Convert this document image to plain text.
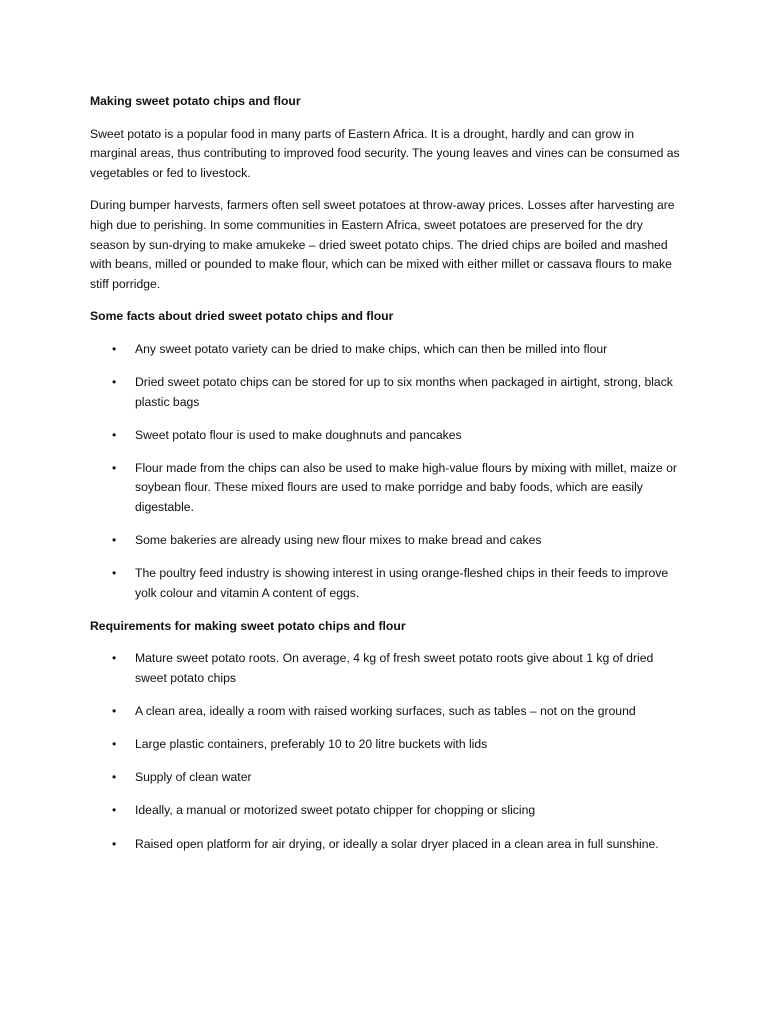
Making sweet potato chips and flour

Sweet potato is a popular food in many parts of Eastern Africa. It is a drought, hardly and can grow in marginal areas, thus contributing to improved food security. The young leaves and vines can be consumed as vegetables or fed to livestock.

During bumper harvests, farmers often sell sweet potatoes at throw-away prices. Losses after harvesting are high due to perishing. In some communities in Eastern Africa, sweet potatoes are preserved for the dry season by sun-drying to make amukeke – dried sweet potato chips. The dried chips are boiled and mashed with beans, milled or pounded to make flour, which can be mixed with either millet or cassava flours to make stiff porridge.

Some facts about dried sweet potato chips and flour
• Any sweet potato variety can be dried to make chips, which can then be milled into flour
• Dried sweet potato chips can be stored for up to six months when packaged in airtight, strong, black plastic bags
• Sweet potato flour is used to make doughnuts and pancakes
• Flour made from the chips can also be used to make high-value flours by mixing with millet, maize or soybean flour. These mixed flours are used to make porridge and baby foods, which are easily digestable.
• Some bakeries are already using new flour mixes to make bread and cakes
• The poultry feed industry is showing interest in using orange-fleshed chips in their feeds to improve yolk colour and vitamin A content of eggs.
Requirements for making sweet potato chips and flour
• Mature sweet potato roots. On average, 4 kg of fresh sweet potato roots give about 1 kg of dried sweet potato chips
• A clean area, ideally a room with raised working surfaces, such as tables – not on the ground
• Large plastic containers, preferably 10 to 20 litre buckets with lids
• Supply of clean water
• Ideally, a manual or motorized sweet potato chipper for chopping or slicing
• Raised open platform for air drying, or ideally a solar dryer placed in a clean area in full sunshine.
